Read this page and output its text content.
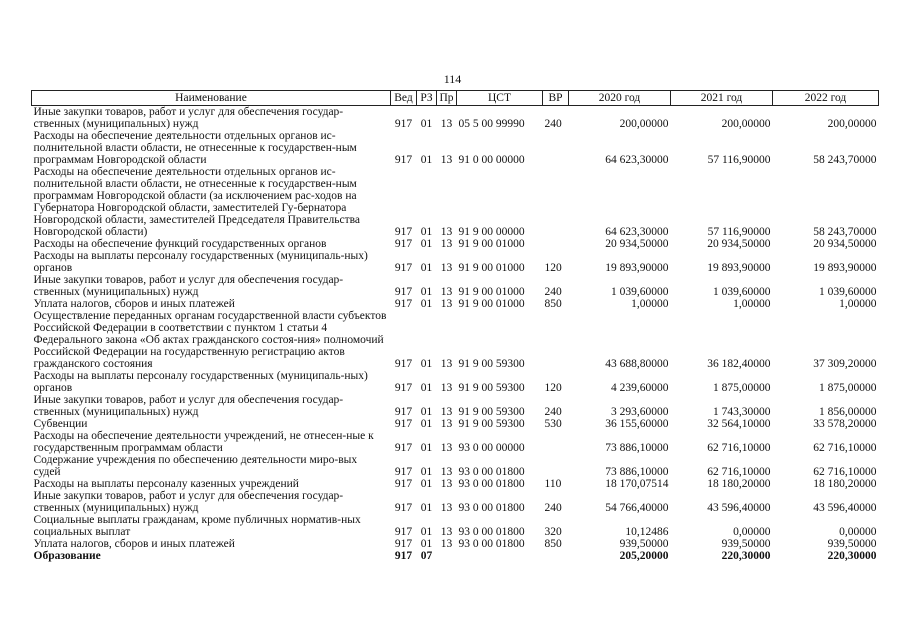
114
Наименование	Вед	РЗ	Пр	ЦСТ	ВР	2020 год	2021 год	2022 год
Иные закупки товаров, работ и услуг для обеспечения государ-ственных (муниципальных) нужд	917	01	13	05 5 00 99990	240	200,00000	200,00000	200,00000
Расходы на обеспечение деятельности отдельных органов ис-полнительной власти области, не отнесенные к государствен-ным программам Новгородской области	917	01	13	91 0 00 00000		64 623,30000	57 116,90000	58 243,70000
Расходы на обеспечение деятельности отдельных органов ис-полнительной власти области, не отнесенные к государствен-ным программам Новгородской области (за исключением рас-ходов на Губернатора Новгородской области, заместителей Гу-бернатора Новгородской области, заместителей Председателя Правительства Новгородской области)	917	01	13	91 9 00 00000		64 623,30000	57 116,90000	58 243,70000
Расходы на обеспечение функций государственных органов	917	01	13	91 9 00 01000		20 934,50000	20 934,50000	20 934,50000
Расходы на выплаты персоналу государственных (муниципаль-ных) органов	917	01	13	91 9 00 01000	120	19 893,90000	19 893,90000	19 893,90000
Иные закупки товаров, работ и услуг для обеспечения государ-ственных (муниципальных) нужд	917	01	13	91 9 00 01000	240	1 039,60000	1 039,60000	1 039,60000
Уплата налогов, сборов и иных платежей	917	01	13	91 9 00 01000	850	1,00000	1,00000	1,00000
Осуществление переданных органам государственной власти субъектов Российской Федерации в соответствии с пунктом 1 статьи 4 Федерального закона «Об актах гражданского состоя-ния» полномочий Российской Федерации на государственную регистрацию актов гражданского состояния	917	01	13	91 9 00 59300		43 688,80000	36 182,40000	37 309,20000
Расходы на выплаты персоналу государственных (муниципаль-ных) органов	917	01	13	91 9 00 59300	120	4 239,60000	1 875,00000	1 875,00000
Иные закупки товаров, работ и услуг для обеспечения государ-ственных (муниципальных) нужд	917	01	13	91 9 00 59300	240	3 293,60000	1 743,30000	1 856,00000
Субвенции	917	01	13	91 9 00 59300	530	36 155,60000	32 564,10000	33 578,20000
Расходы на обеспечение деятельности учреждений, не отнесен-ные к государственным программам области	917	01	13	93 0 00 00000		73 886,10000	62 716,10000	62 716,10000
Содержание учреждения по обеспечению деятельности миро-вых судей	917	01	13	93 0 00 01800		73 886,10000	62 716,10000	62 716,10000
Расходы на выплаты персоналу казенных учреждений	917	01	13	93 0 00 01800	110	18 170,07514	18 180,20000	18 180,20000
Иные закупки товаров, работ и услуг для обеспечения государ-ственных (муниципальных) нужд	917	01	13	93 0 00 01800	240	54 766,40000	43 596,40000	43 596,40000
Социальные выплаты гражданам, кроме публичных норматив-ных социальных выплат	917	01	13	93 0 00 01800	320	10,12486	0,00000	0,00000
Уплата налогов, сборов и иных платежей	917	01	13	93 0 00 01800	850	939,50000	939,50000	939,50000
Образование	917	07				205,20000	220,30000	220,30000
